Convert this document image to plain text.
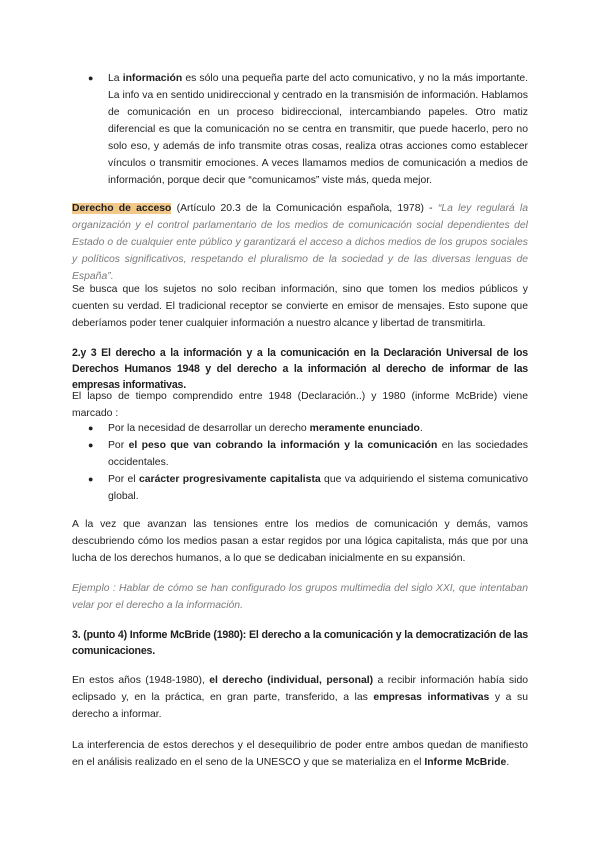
● La información es sólo una pequeña parte del acto comunicativo, y no la más importante. La info va en sentido unidireccional y centrado en la transmisión de información. Hablamos de comunicación en un proceso bidireccional, intercambiando papeles. Otro matiz diferencial es que la comunicación no se centra en transmitir, que puede hacerlo, pero no solo eso, y además de info transmite otras cosas, realiza otras acciones como establecer vínculos o transmitir emociones. A veces llamamos medios de comunicación a medios de información, porque decir que “comunicamos” viste más, queda mejor.
Derecho de acceso (Artículo 20.3 de la Comunicación española, 1978) - “La ley regulará la organización y el control parlamentario de los medios de comunicación social dependientes del Estado o de cualquier ente público y garantizará el acceso a dichos medios de los grupos sociales y políticos significativos, respetando el pluralismo de la sociedad y de las diversas lenguas de España”.
Se busca que los sujetos no solo reciban información, sino que tomen los medios públicos y cuenten su verdad. El tradicional receptor se convierte en emisor de mensajes. Esto supone que deberíamos poder tener cualquier información a nuestro alcance y libertad de transmitirla.
2.y 3 El derecho a la información y a la comunicación en la Declaración Universal de los Derechos Humanos 1948 y del derecho a la información al derecho de informar de las empresas informativas.
El lapso de tiempo comprendido entre 1948 (Declaración..) y 1980 (informe McBride) viene marcado :
● Por la necesidad de desarrollar un derecho meramente enunciado.
● Por el peso que van cobrando la información y la comunicación en las sociedades occidentales.
● Por el carácter progresivamente capitalista que va adquiriendo el sistema comunicativo global.
A la vez que avanzan las tensiones entre los medios de comunicación y demás, vamos descubriendo cómo los medios pasan a estar regidos por una lógica capitalista, más que por una lucha de los derechos humanos, a lo que se dedicaban inicialmente en su expansión.
Ejemplo : Hablar de cómo se han configurado los grupos multimedia del siglo XXI, que intentaban velar por el derecho a la información.
3. (punto 4) Informe McBride (1980): El derecho a la comunicación y la democratización de las comunicaciones.
En estos años (1948-1980), el derecho (individual, personal) a recibir información había sido eclipsado y, en la práctica, en gran parte, transferido, a las empresas informativas y a su derecho a informar.
La interferencia de estos derechos y el desequilibrio de poder entre ambos quedan de manifiesto en el análisis realizado en el seno de la UNESCO y que se materializa en el Informe McBride.
